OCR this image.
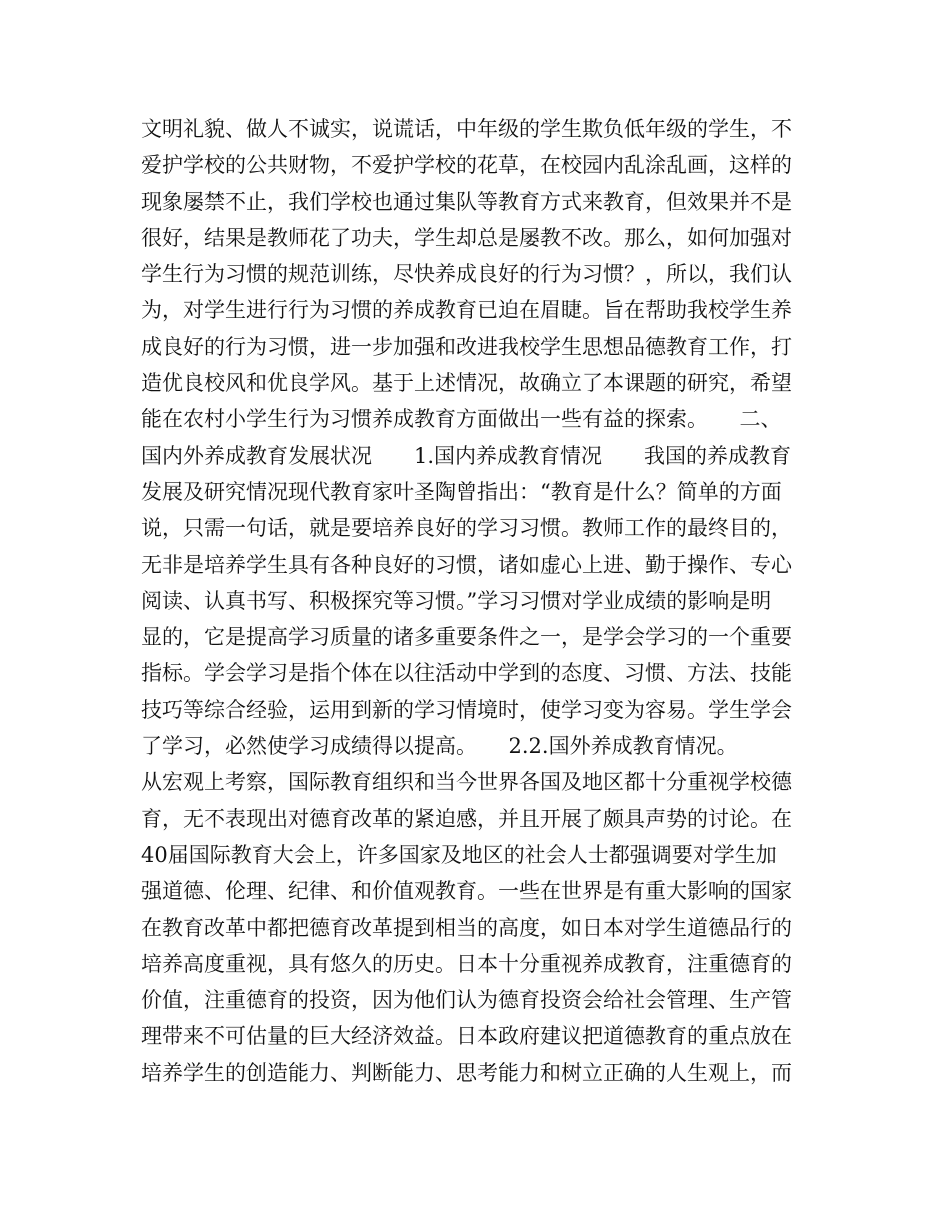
文明礼貌、做人不诚实，说谎话，中年级的学生欺负低年级的学生，不
爱护学校的公共财物，不爱护学校的花草，在校园内乱涂乱画，这样的
现象屡禁不止，我们学校也通过集队等教育方式来教育，但效果并不是
很好，结果是教师花了功夫，学生却总是屡教不改。那么，如何加强对
学生行为习惯的规范训练，尽快养成良好的行为习惯？，所以，我们认
为，对学生进行行为习惯的养成教育已迫在眉睫。旨在帮助我校学生养
成良好的行为习惯，进一步加强和改进我校学生思想品德教育工作，打
造优良校风和优良学风。基于上述情况，故确立了本课题的研究，希望
能在农村小学生行为习惯养成教育方面做出一些有益的探索。　　二、
国内外养成教育发展状况　　1.国内养成教育情况　　我国的养成教育
发展及研究情况现代教育家叶圣陶曾指出：“教育是什么？简单的方面
说，只需一句话，就是要培养良好的学习习惯。教师工作的最终目的，
无非是培养学生具有各种良好的习惯，诸如虚心上进、勤于操作、专心
阅读、认真书写、积极探究等习惯。”学习习惯对学业成绩的影响是明
显的，它是提高学习质量的诸多重要条件之一，是学会学习的一个重要
指标。学会学习是指个体在以往活动中学到的态度、习惯、方法、技能
技巧等综合经验，运用到新的学习情境时，使学习变为容易。学生学会
了学习，必然使学习成绩得以提高。　　2.2.国外养成教育情况。
从宏观上考察，国际教育组织和当今世界各国及地区都十分重视学校德
育，无不表现出对德育改革的紧迫感，并且开展了颇具声势的讨论。在
40届国际教育大会上，许多国家及地区的社会人士都强调要对学生加
强道德、伦理、纪律、和价值观教育。一些在世界是有重大影响的国家
在教育改革中都把德育改革提到相当的高度，如日本对学生道德品行的
培养高度重视，具有悠久的历史。日本十分重视养成教育，注重德育的
价值，注重德育的投资，因为他们认为德育投资会给社会管理、生产管
理带来不可估量的巨大经济效益。日本政府建议把道德教育的重点放在
培养学生的创造能力、判断能力、思考能力和树立正确的人生观上，而
